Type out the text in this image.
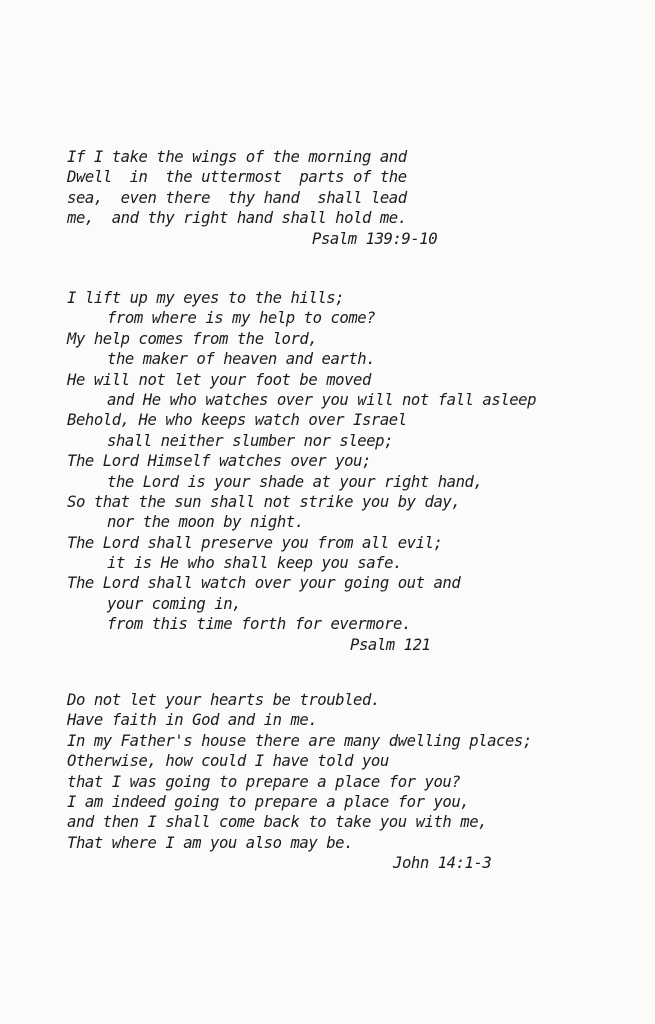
If I take the wings of the morning and
Dwell  in  the uttermost  parts of the
sea,  even there  thy hand  shall lead
me,  and thy right hand shall hold me.
Psalm 139:9-10
I lift up my eyes to the hills;
from where is my help to come?
My help comes from the lord,
the maker of heaven and earth.
He will not let your foot be moved
and He who watches over you will not fall asleep
Behold, He who keeps watch over Israel
shall neither slumber nor sleep;
The Lord Himself watches over you;
the Lord is your shade at your right hand,
So that the sun shall not strike you by day,
nor the moon by night.
The Lord shall preserve you from all evil;
it is He who shall keep you safe.
The Lord shall watch over your going out and
your coming in,
from this time forth for evermore.
Psalm 121
Do not let your hearts be troubled.
Have faith in God and in me.
In my Father's house there are many dwelling places;
Otherwise, how could I have told you
that I was going to prepare a place for you?
I am indeed going to prepare a place for you,
and then I shall come back to take you with me,
That where I am you also may be.
John 14:1-3
